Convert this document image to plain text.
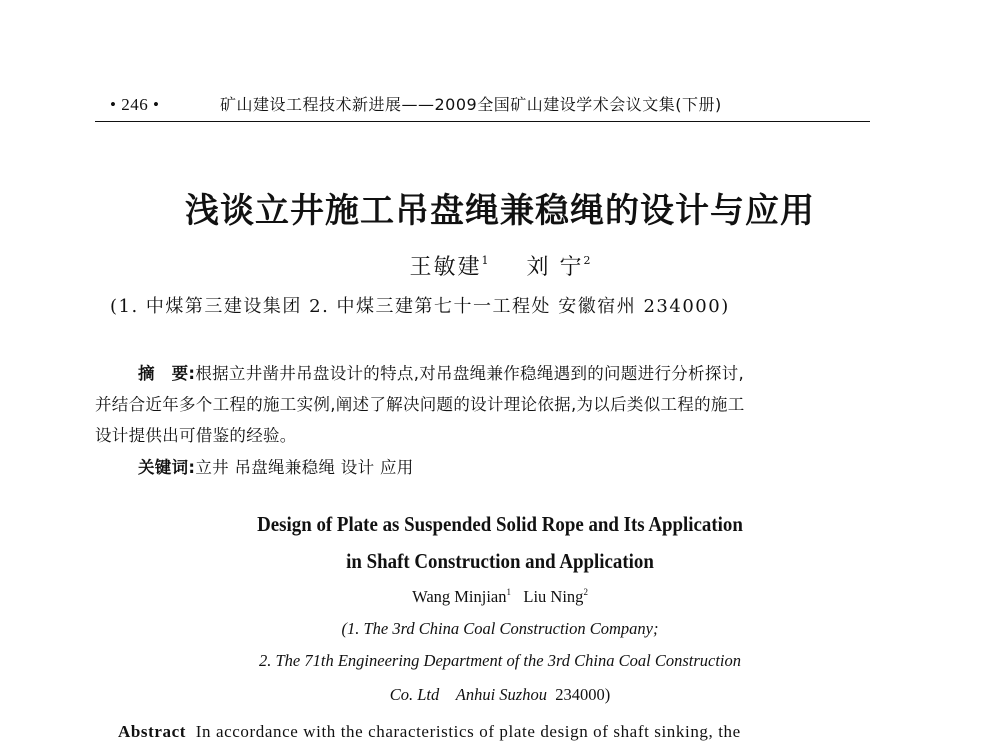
• 246 •	矿山建设工程技术新进展——2009全国矿山建设学术会议文集(下册)
浅谈立井施工吊盘绳兼稳绳的设计与应用
王敏建$^1$ 刘 宁$^2$
(1. 中煤第三建设集团 2. 中煤三建第七十一工程处 安徽宿州 234000)
摘　要:根据立井凿井吊盘设计的特点,对吊盘绳兼作稳绳遇到的问题进行分析探讨,
并结合近年多个工程的施工实例,阐述了解决问题的设计理论依据,为以后类似工程的施工
设计提供出可借鉴的经验。
关键词:立井 吊盘绳兼稳绳 设计 应用
Design of Plate as Suspended Solid Rope and Its Application
in Shaft Construction and Application
Wang Minjian$^1$ Liu Ning$^2$
(1. The 3rd China Coal Construction Company;
2. The 71th Engineering Department of the 3rd China Coal Construction
Co. Ltd　Anhui Suzhou 234000)
Abstract In accordance with the characteristics of plate design of shaft sinking, the
